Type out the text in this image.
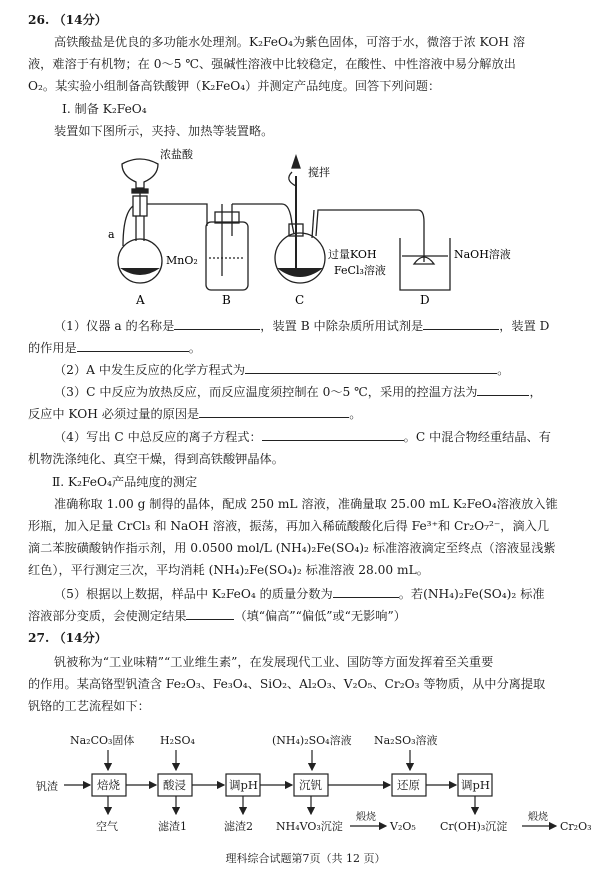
26. （14分）
高铁酸盐是优良的多功能水处理剂。K₂FeO₄为紫色固体，可溶于水，微溶于浓 KOH 溶
液，难溶于有机物；在 0～5 ℃、强碱性溶液中比较稳定，在酸性、中性溶液中易分解放出
O₂。某实验小组制备高铁酸钾（K₂FeO₄）并测定产品纯度。回答下列问题：
Ⅰ. 制备 K₂FeO₄
装置如下图所示，夹持、加热等装置略。
浓盐酸
a
MnO₂
搅拌
过量KOH
FeCl₃溶液
NaOH溶液
A	B	C	D
（1）仪器 a 的名称是	，装置 B 中除杂质所用试剂是	，装置 D
的作用是	。
（2）A 中发生反应的化学方程式为	。
（3）C 中反应为放热反应，而反应温度须控制在 0～5 ℃，采用的控温方法为	，
反应中 KOH 必须过量的原因是	。
（4）写出 C 中总反应的离子方程式：	。C 中混合物经重结晶、有
机物洗涤纯化、真空干燥，得到高铁酸钾晶体。
Ⅱ. K₂FeO₄产品纯度的测定
准确称取 1.00 g 制得的晶体，配成 250 mL 溶液，准确量取 25.00 mL K₂FeO₄溶液放入锥
形瓶，加入足量 CrCl₃ 和 NaOH 溶液，振荡，再加入稀硫酸酸化后得 Fe³⁺和 Cr₂O₇²⁻，滴入几
滴二苯胺磺酸钠作指示剂，用 0.0500 mol/L (NH₄)₂Fe(SO₄)₂ 标准溶液滴定至终点（溶液显浅紫
红色），平行测定三次，平均消耗 (NH₄)₂Fe(SO₄)₂ 标准溶液 28.00 mL。
（5）根据以上数据，样品中 K₂FeO₄ 的质量分数为	。若(NH₄)₂Fe(SO₄)₂ 标准
溶液部分变质，会使测定结果	（填“偏高”“偏低”或“无影响”）
27. （14分）
钒被称为“工业味精”“工业维生素”，在发展现代工业、国防等方面发挥着至关重要
的作用。某高铬型钒渣含 Fe₂O₃、Fe₃O₄、SiO₂、Al₂O₃、V₂O₅、Cr₂O₃ 等物质，从中分离提取
钒铬的工艺流程如下：
Na₂CO₃固体 H₂SO₄	(NH₄)₂SO₄溶液 Na₂SO₃溶液
钒渣	焙烧	酸浸	调pH	沉钒	还原	调pH
空气	滤渣1	滤渣2 NH₄VO₃沉淀
煅烧
V₂O₅ Cr(OH)₃沉淀
煅烧
Cr₂O₃
理科综合试题第7页（共 12 页）
